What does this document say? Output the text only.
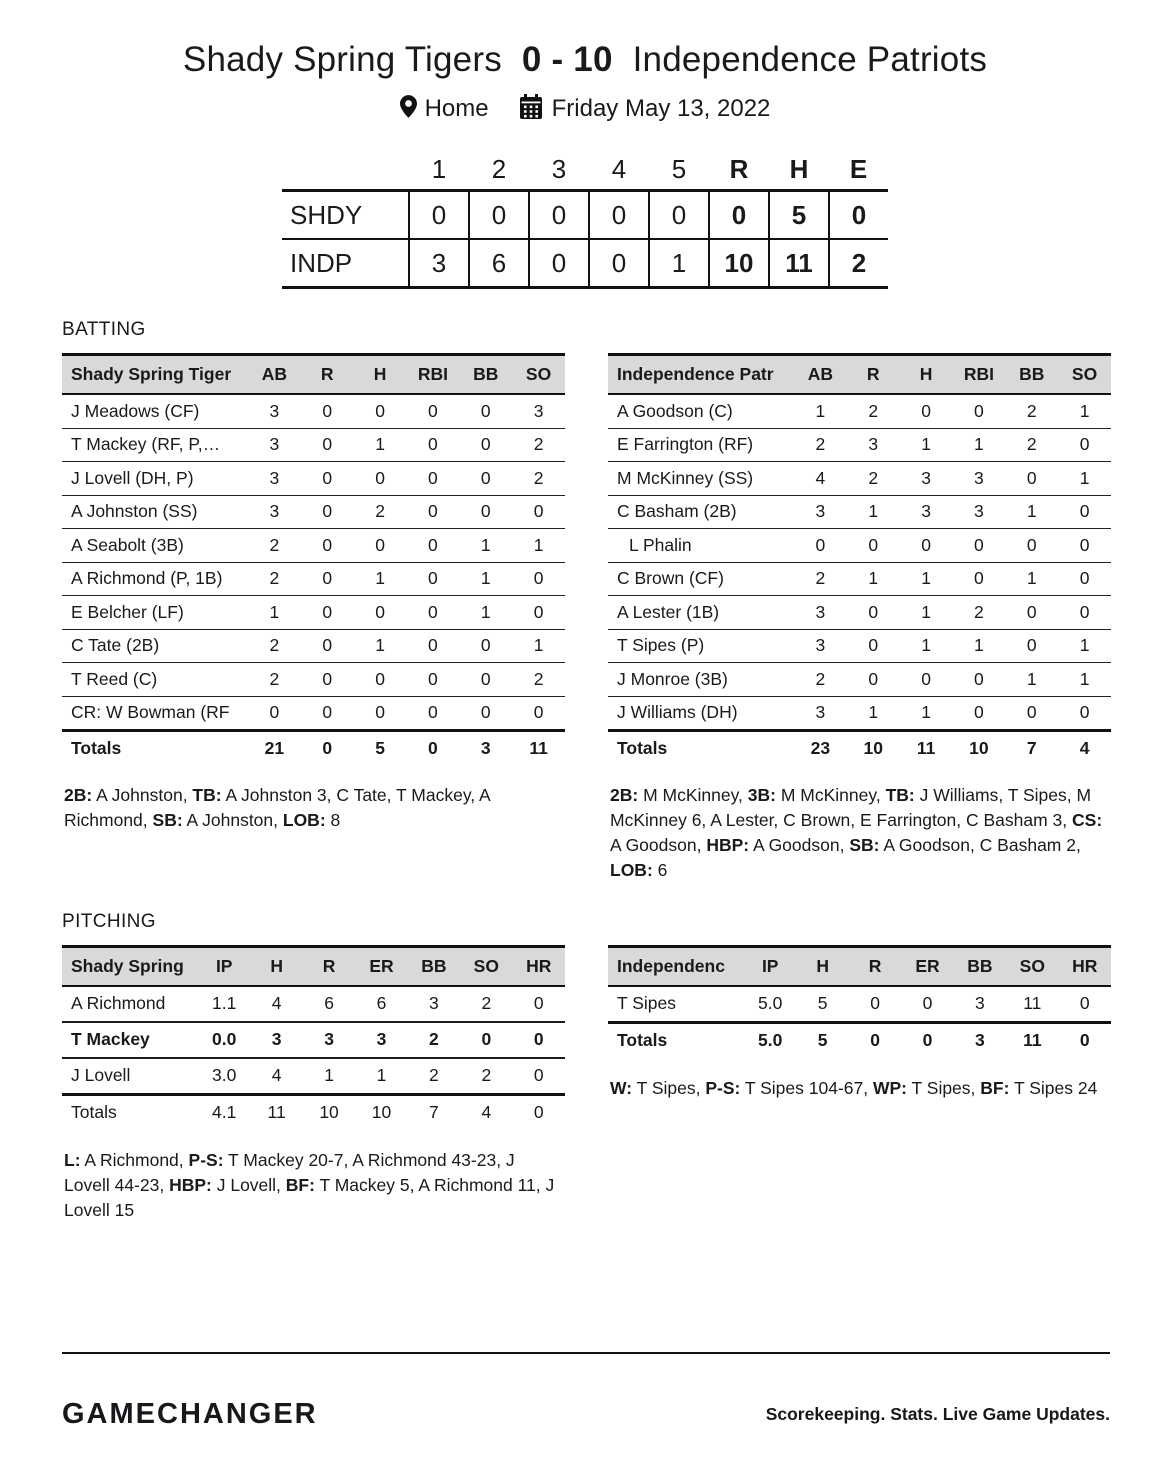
Shady Spring Tigers 0 - 10 Independence Patriots
Home	Friday May 13, 2022
	1	2	3	4	5	R	H	E
SHDY	0	0	0	0	0	0	5	0
INDP	3	6	0	0	1	10	11	2
BATTING
Shady Spring Tiger	AB	R	H	RBI	BB	SO
J Meadows (CF)	3	0	0	0	0	3
T Mackey (RF, P,…	3	0	1	0	0	2
J Lovell (DH, P)	3	0	0	0	0	2
A Johnston (SS)	3	0	2	0	0	0
A Seabolt (3B)	2	0	0	0	1	1
A Richmond (P, 1B)	2	0	1	0	1	0
E Belcher (LF)	1	0	0	0	1	0
C Tate (2B)	2	0	1	0	0	1
T Reed (C)	2	0	0	0	0	2
CR: W Bowman (RF	0	0	0	0	0	0
Totals	21	0	5	0	3	11

2B: A Johnston, TB: A Johnston 3, C Tate, T Mackey, A Richmond, SB: A Johnston, LOB: 8

Independence Patr	AB	R	H	RBI	BB	SO
A Goodson (C)	1	2	0	0	2	1
E Farrington (RF)	2	3	1	1	2	0
M McKinney (SS)	4	2	3	3	0	1
C Basham (2B)	3	1	3	3	1	0
L Phalin	0	0	0	0	0	0
C Brown (CF)	2	1	1	0	1	0
A Lester (1B)	3	0	1	2	0	0
T Sipes (P)	3	0	1	1	0	1
J Monroe (3B)	2	0	0	0	1	1
J Williams (DH)	3	1	1	0	0	0
Totals	23	10	11	10	7	4

2B: M McKinney, 3B: M McKinney, TB: J Williams, T Sipes, M McKinney 6, A Lester, C Brown, E Farrington, C Basham 3, CS: A Goodson, HBP: A Goodson, SB: A Goodson, C Basham 2, LOB: 6

PITCHING
Shady Spring	IP	H	R	ER	BB	SO	HR
A Richmond	1.1	4	6	6	3	2	0
T Mackey	0.0	3	3	3	2	0	0
J Lovell	3.0	4	1	1	2	2	0
Totals	4.1	11	10	10	7	4	0

L: A Richmond, P-S: T Mackey 20-7, A Richmond 43-23, J Lovell 44-23, HBP: J Lovell, BF: T Mackey 5, A Richmond 11, J Lovell 15

Independenc	IP	H	R	ER	BB	SO	HR
T Sipes	5.0	5	0	0	3	11	0
Totals	5.0	5	0	0	3	11	0

W: T Sipes, P-S: T Sipes 104-67, WP: T Sipes, BF: T Sipes 24

GAMECHANGER	Scorekeeping. Stats. Live Game Updates.
